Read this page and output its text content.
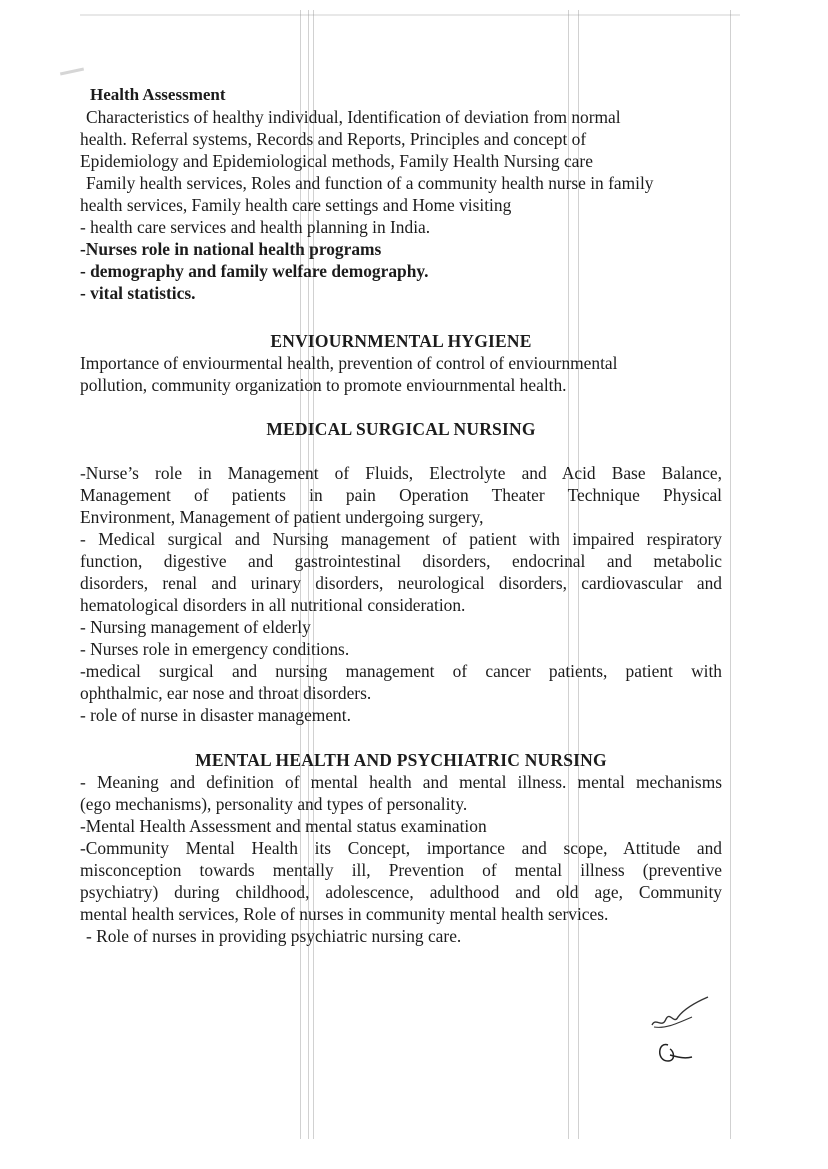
Health Assessment
Characteristics of healthy individual, Identification of deviation from normal
health. Referral systems, Records and Reports, Principles and concept of
Epidemiology and Epidemiological methods, Family Health Nursing care
Family health services, Roles and function of a community health nurse in family
health services, Family health care settings and Home visiting
- health care services and health planning in India.
-Nurses role in national health programs
- demography and family welfare demography.
- vital statistics.
ENVIOURNMENTAL HYGIENE
Importance of enviourmental health, prevention of control of enviournmental
pollution, community organization to promote enviournmental health.
MEDICAL SURGICAL NURSING
-Nurse’s role in Management of Fluids, Electrolyte and Acid Base Balance,
Management of patients in pain Operation Theater Technique Physical
Environment, Management of patient undergoing surgery,
- Medical surgical and Nursing management of patient with impaired respiratory
function, digestive and gastrointestinal disorders, endocrinal and metabolic
disorders, renal and urinary disorders, neurological disorders, cardiovascular and
hematological disorders in all nutritional consideration.
- Nursing management of elderly
- Nurses role in emergency conditions.
-medical surgical and nursing management of cancer patients, patient with
ophthalmic, ear nose and throat disorders.
- role of nurse in disaster management.
MENTAL HEALTH AND PSYCHIATRIC NURSING
- Meaning and definition of mental health and mental illness. mental mechanisms
(ego mechanisms), personality and types of personality.
-Mental Health Assessment and mental status examination
-Community Mental Health its Concept, importance and scope, Attitude and
misconception towards mentally ill, Prevention of mental illness (preventive
psychiatry) during childhood, adolescence, adulthood and old age, Community
mental health services, Role of nurses in community mental health services.
- Role of nurses in providing psychiatric nursing care.
